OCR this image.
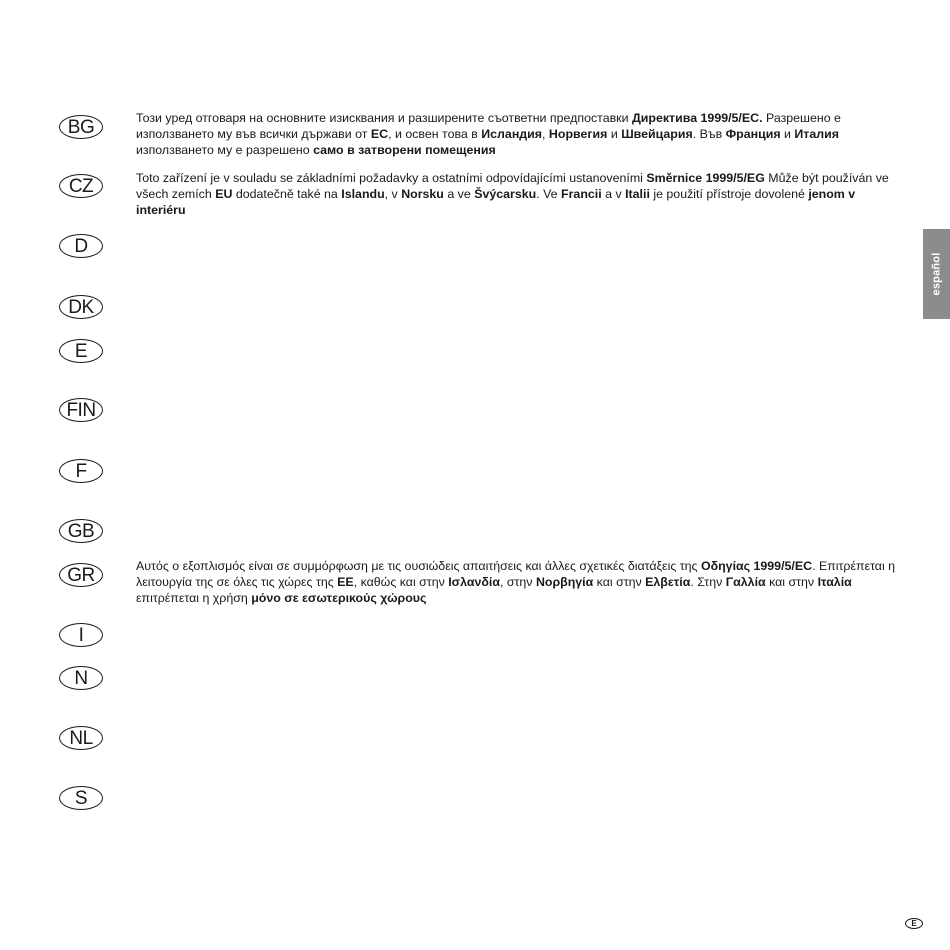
BG	Този уред отговаря на основните изисквания и разширените съответни предпоставки Директива 1999/5/ЕС. Разрешено е използването му във всички държави от ЕС, и освен това в Исландия, Норвегия и Швейцария. Във Франция и Италия използването му е разрешено само в затворени помещения
CZ	Toto zařízení je v souladu se základními požadavky a ostatními odpovídajícími ustanoveními Směrnice 1999/5/EG Může být používán ve všech zemích EU dodatečně také na Islandu, v Norsku a ve Švýcarsku. Ve Francii a v Italii je použití přístroje dovolené jenom v interiéru
D
DK
E
FIN
F
GB
GR	Αυτός ο εξοπλισμός είναι σε συμμόρφωση με τις ουσιώδεις απαιτήσεις και άλλες σχετικές διατάξεις της Οδηγίας 1999/5/ΕC. Επιτρέπεται η λειτουργία της σε όλες τις χώρες της ΕΕ, καθώς και στην Ισλανδία, στην Νορβηγία και στην Ελβετία. Στην Γαλλία και στην Ιταλία επιτρέπεται η χρήση μόνο σε εσωτερικούς χώρους
I
N
NL
S
español
E
